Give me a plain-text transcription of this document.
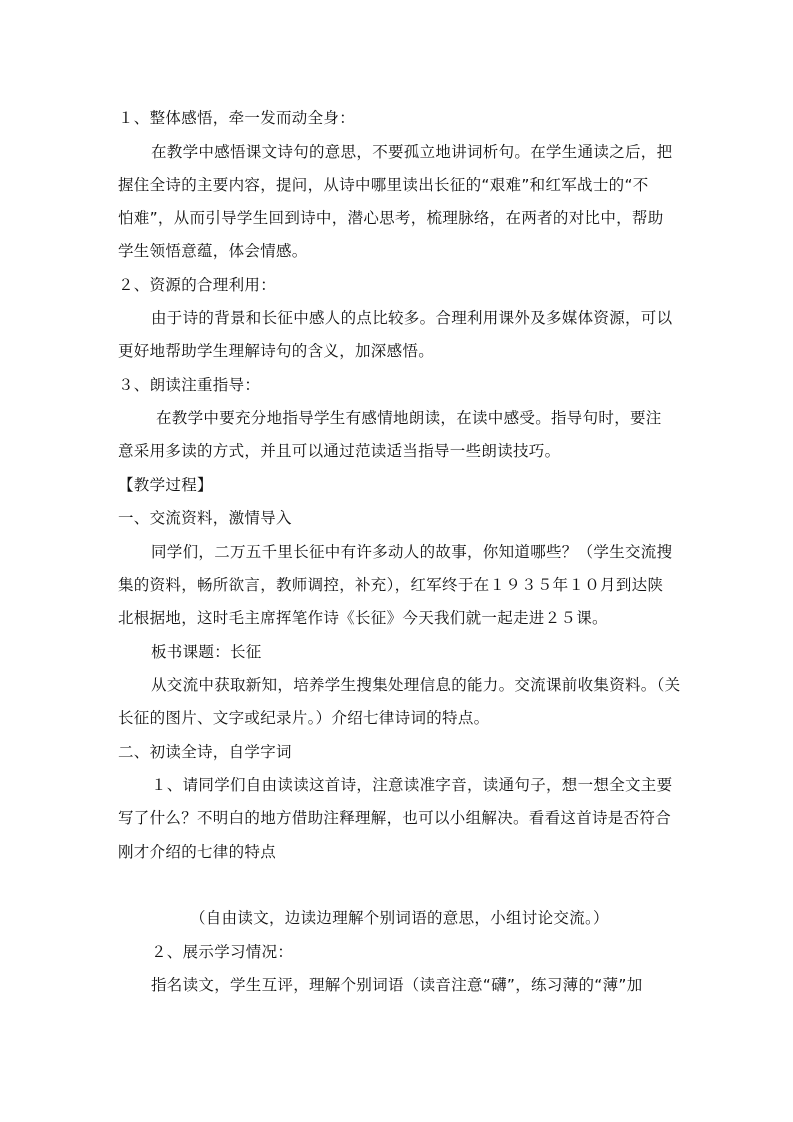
１、整体感悟，牵一发而动全身：
在教学中感悟课文诗句的意思，不要孤立地讲词析句。在学生通读之后，把
握住全诗的主要内容，提问，从诗中哪里读出长征的“艰难”和红军战士的“不
怕难”，从而引导学生回到诗中，潜心思考，梳理脉络，在两者的对比中，帮助
学生领悟意蕴，体会情感。
２、资源的合理利用：
由于诗的背景和长征中感人的点比较多。合理利用课外及多媒体资源，可以
更好地帮助学生理解诗句的含义，加深感悟。
３、朗读注重指导：
在教学中要充分地指导学生有感情地朗读，在读中感受。指导句时，要注
意采用多读的方式，并且可以通过范读适当指导一些朗读技巧。
【教学过程】
一、交流资料，激情导入
同学们，二万五千里长征中有许多动人的故事，你知道哪些？（学生交流搜
集的资料，畅所欲言，教师调控，补充），红军终于在１９３５年１０月到达陕
北根据地，这时毛主席挥笔作诗《长征》今天我们就一起走进２５课。
板书课题：长征
从交流中获取新知，培养学生搜集处理信息的能力。交流课前收集资料。（关
长征的图片、文字或纪录片。）介绍七律诗词的特点。
二、初读全诗，自学字词
１、请同学们自由读读这首诗，注意读准字音，读通句子，想一想全文主要
写了什么？不明白的地方借助注释理解，也可以小组解决。看看这首诗是否符合
刚才介绍的七律的特点
（自由读文，边读边理解个别词语的意思，小组讨论交流。）
２、展示学习情况：
指名读文，学生互评，理解个别词语（读音注意“礴”，练习薄的“薄”加
